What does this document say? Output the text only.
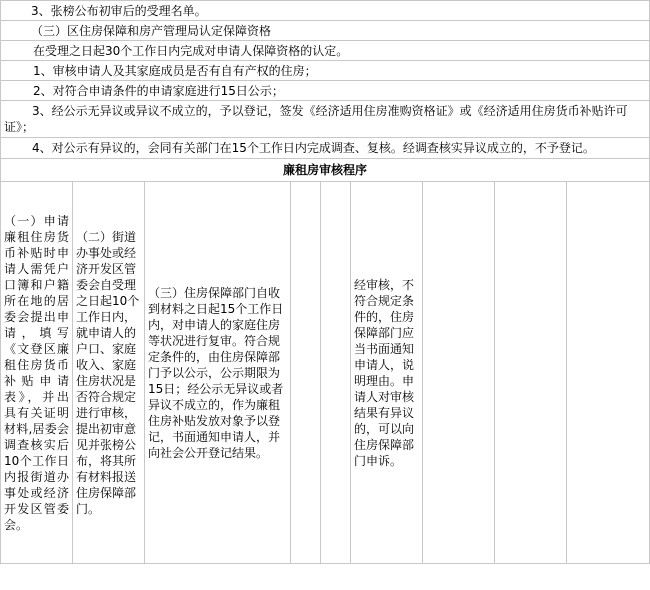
3、张榜公布初审后的受理名单。
（三）区住房保障和房产管理局认定保障资格
在受理之日起30个工作日内完成对申请人保障资格的认定。
1、审核申请人及其家庭成员是否有自有产权的住房；
2、对符合申请条件的申请家庭进行15日公示；
3、经公示无异议或异议不成立的，予以登记，签发《经济适用住房准购资格证》或《经济适用住房货币补贴许可证》；
4、对公示有异议的，会同有关部门在15个工作日内完成调查、复核。经调查核实异议成立的，不予登记。
廉租房审核程序
（一）申请廉租住房货币补贴时申请人需凭户口簿和户籍所在地的居委会提出申请，填写《文登区廉租住房货币补贴申请表》，并出具有关证明材料,居委会调查核实后10个工作日内报街道办事处或经济开发区管委会。	（二）街道办事处或经济开发区管委会自受理之日起10个工作日内，就申请人的户口、家庭收入、家庭住房状况是否符合规定进行审核，提出初审意见并张榜公布，将其所有材料报送住房保障部门。	（三）住房保障部门自收到材料之日起15个工作日内，对申请人的家庭住房等状况进行复审。符合规定条件的，由住房保障部门予以公示，公示期限为15日；经公示无异议或者异议不成立的，作为廉租住房补贴发放对象予以登记，书面通知申请人，并向社会公开登记结果。			经审核，不符合规定条件的，住房保障部门应当书面通知申请人，说明理由。申请人对审核结果有异议的，可以向住房保障部门申诉。			
